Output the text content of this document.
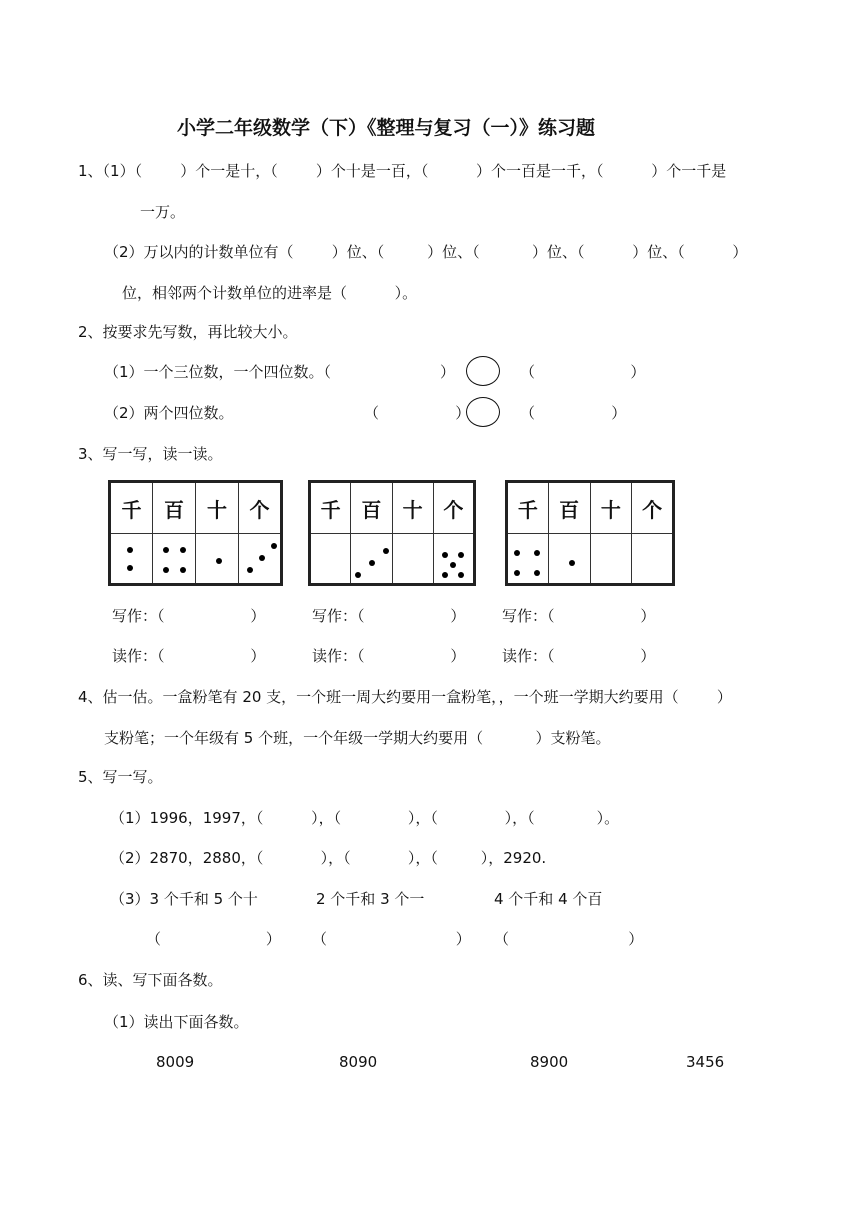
小学二年级数学（下）《整理与复习（一）》练习题
1、（1）（        ）个一是十，（        ）个十是一百，（          ）个一百是一千，（          ）个一千是
一万。
（2）万以内的计数单位有（        ）位、（         ）位、（           ）位、（          ）位、（          ）
位，相邻两个计数单位的进率是（          ）。
2、按要求先写数，再比较大小。
（1）一个三位数，一个四位数。（	）	（                    ）
（2）两个四位数。	（                ）	（                ）
3、写一写，读一读。
千	百	十	个

		千	百	十	个

			千	百	十	个

写作：（                  ）	写作：（                  ） 写作：（                  ）
读作：（                  ）	读作：（                  ） 读作：（                  ）
4、估一估。一盒粉笔有 20 支，一个班一周大约要用一盒粉笔，，一个班一学期大约要用（        ）
支粉笔；一个年级有 5 个班，一个年级一学期大约要用（           ）支粉笔。
5、写一写。
（1）1996，1997，（          ），（              ），（              ），（             ）。
（2）2870，2880，（            ），（            ），（         ），2920.
（3）3 个千和 5 个十	2 个千和 3 个一	4 个千和 4 个百
（                      ） （                           ） （                         ）
6、读、写下面各数。
（1）读出下面各数。
8009	8090	8900	3456
